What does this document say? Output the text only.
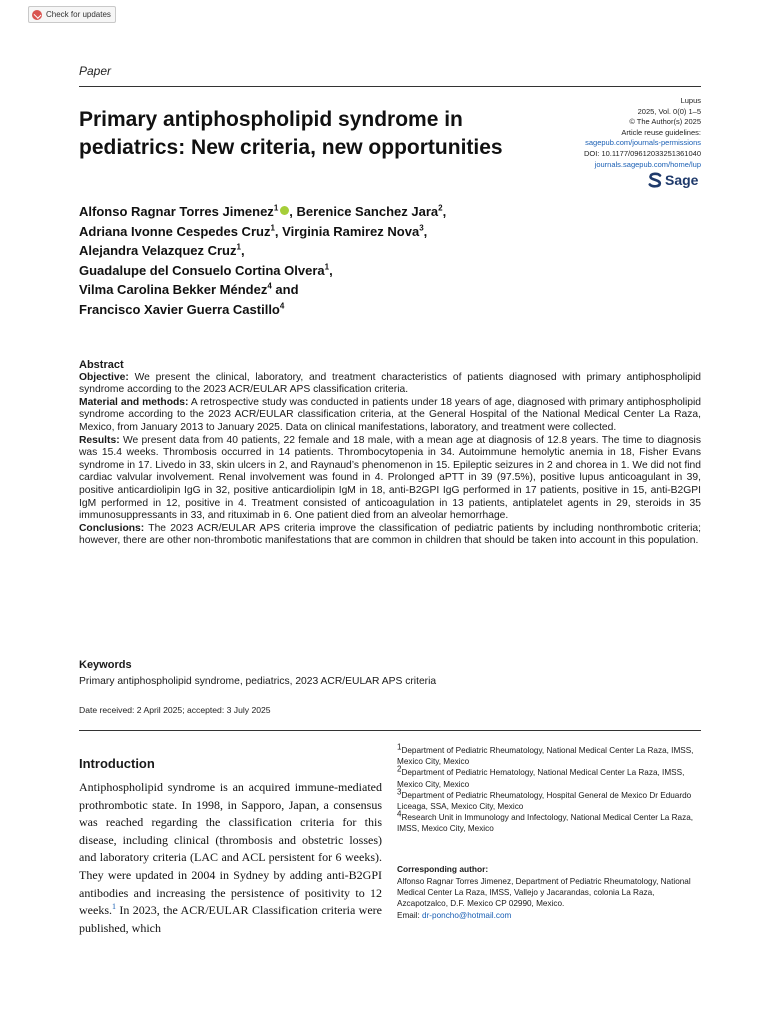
Check for updates
Paper
Primary antiphospholipid syndrome in pediatrics: New criteria, new opportunities
Lupus
2025, Vol. 0(0) 1–5
© The Author(s) 2025
Article reuse guidelines:
sagepub.com/journals-permissions
DOI: 10.1177/09612033251361040
journals.sagepub.com/home/lup
Sage
Alfonso Ragnar Torres Jimenez$^1$ , Berenice Sanchez Jara$^2$,
Adriana Ivonne Cespedes Cruz$^1$, Virginia Ramirez Nova$^3$,
Alejandra Velazquez Cruz$^1$,
Guadalupe del Consuelo Cortina Olvera$^1$,
Vilma Carolina Bekker Méndez$^4$ and
Francisco Xavier Guerra Castillo$^4$
Abstract

Objective: We present the clinical, laboratory, and treatment characteristics of patients diagnosed with primary antiphospholipid syndrome according to the 2023 ACR/EULAR APS classification criteria.

Material and methods: A retrospective study was conducted in patients under 18 years of age, diagnosed with primary antiphospholipid syndrome according to the 2023 ACR/EULAR classification criteria, at the General Hospital of the National Medical Center La Raza, Mexico, from January 2013 to January 2025. Data on clinical manifestations, laboratory, and treatment were collected.

Results: We present data from 40 patients, 22 female and 18 male, with a mean age at diagnosis of 12.8 years. The time to diagnosis was 15.4 weeks. Thrombosis occurred in 14 patients. Thrombocytopenia in 34. Autoimmune hemolytic anemia in 18, Fisher Evans syndrome in 17. Livedo in 33, skin ulcers in 2, and Raynaud’s phenomenon in 15. Epileptic seizures in 2 and chorea in 1. We did not find cardiac valvular involvement. Renal involvement was found in 4. Prolonged aPTT in 39 (97.5%), positive lupus anticoagulant in 39, positive anticardiolipin IgG in 32, positive anticardiolipin IgM in 18, anti-B2GPI IgG performed in 17 patients, positive in 15, anti-B2GPI IgM performed in 12, positive in 4. Treatment consisted of anticoagulation in 13 patients, antiplatelet agents in 29, steroids in 35 immunosuppressants in 33, and rituximab in 6. One patient died from an alveolar hemorrhage.

Conclusions: The 2023 ACR/EULAR APS criteria improve the classification of pediatric patients by including nonthrombotic criteria; however, there are other non-thrombotic manifestations that are common in children that should be taken into account in this population.

Keywords
Primary antiphospholipid syndrome, pediatrics, 2023 ACR/EULAR APS criteria
Date received: 2 April 2025; accepted: 3 July 2025
Introduction
Antiphospholipid syndrome is an acquired immune-mediated prothrombotic state. In 1998, in Sapporo, Japan, a consensus was reached regarding the classification criteria for this disease, including clinical (thrombosis and obstetric losses) and laboratory criteria (LAC and ACL persistent for 6 weeks). They were updated in 2004 in Sydney by adding anti-B2GPI antibodies and increasing the persistence of positivity to 12 weeks.$^1$ In 2023, the ACR/EULAR Classification criteria were published, which
$^1$Department of Pediatric Rheumatology, National Medical Center La Raza, IMSS, Mexico City, Mexico
$^2$Department of Pediatric Hematology, National Medical Center La Raza, IMSS, Mexico City, Mexico
$^3$Department of Pediatric Rheumatology, Hospital General de Mexico Dr Eduardo Liceaga, SSA, Mexico City, Mexico
$^4$Research Unit in Immunology and Infectology, National Medical Center La Raza, IMSS, Mexico City, Mexico
Corresponding author:
Alfonso Ragnar Torres Jimenez, Department of Pediatric Rheumatology, National Medical Center La Raza, IMSS, Vallejo y Jacarandas, colonia La Raza, Azcapotzalco, D.F. Mexico CP 02990, Mexico.
Email: dr-poncho@hotmail.com
